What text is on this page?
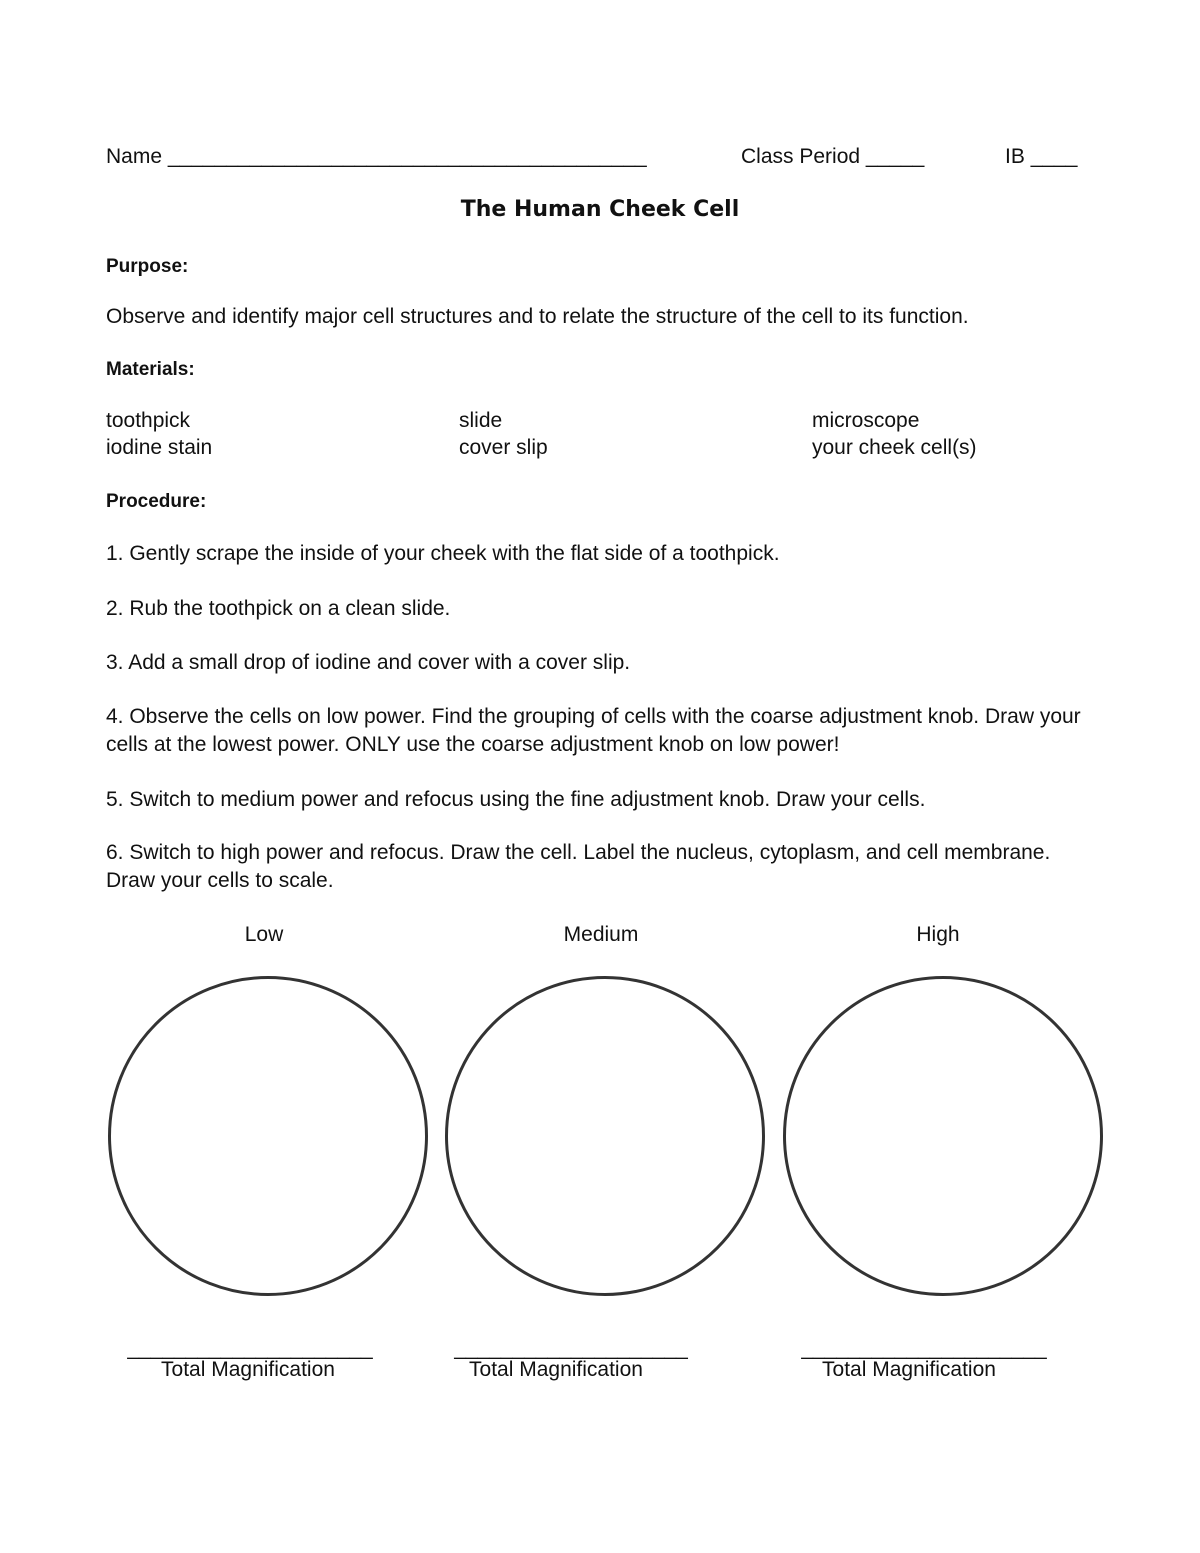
Name _________________________________________	Class Period _____	IB ____
The Human Cheek Cell
Purpose:
Observe and identify major cell structures and to relate the structure of the cell to its function.
Materials:
toothpick	slide	microscope
iodine stain	cover slip	your cheek cell(s)
Procedure:
1. Gently scrape the inside of your cheek with the flat side of a toothpick.
2. Rub the toothpick on a clean slide.
3. Add a small drop of iodine and cover with a cover slip.
4. Observe the cells on low power. Find the grouping of cells with the coarse adjustment knob. Draw your cells at the lowest power. ONLY use the coarse adjustment knob on low power!
5. Switch to medium power and refocus using the fine adjustment knob. Draw your cells.
6. Switch to high power and refocus. Draw the cell. Label the nucleus, cytoplasm, and cell membrane. Draw your cells to scale.
Low	Medium	High
_____________________
Total Magnification
____________________
Total Magnification
_____________________
Total Magnification
